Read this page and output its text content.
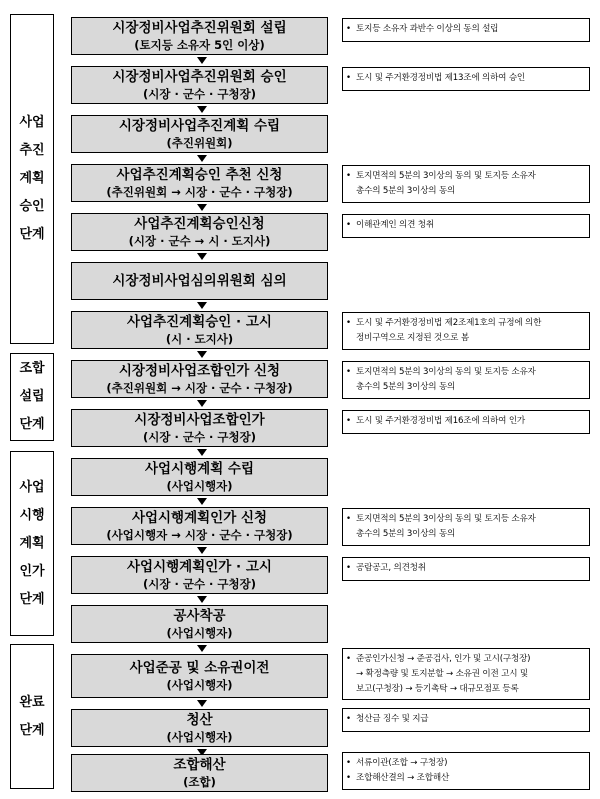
사업
추진
계획
승인
단계
조합
설립
단계
사업
시행
계획
인가
단계
완료
단계
시장정비사업추진위원회 설립
(토지등 소유자 5인 이상)
시장정비사업추진위원회 승인
(시장 · 군수 · 구청장)
시장정비사업추진계획 수립
(추진위원회)
사업추진계획승인 추천 신청
(추진위원회 → 시장 · 군수 · 구청장)
사업추진계획승인신청
(시장 · 군수 → 시 · 도지사)
시장정비사업심의위원회 심의
사업추진계획승인 · 고시
(시 · 도지사)
시장정비사업조합인가 신청
(추진위원회 → 시장 · 군수 · 구청장)
시장정비사업조합인가
(시장 · 군수 · 구청장)
사업시행계획 수립
(사업시행자)
사업시행계획인가 신청
(사업시행자 → 시장 · 군수 · 구청장)
사업시행계획인가 · 고시
(시장 · 군수 · 구청장)
공사착공
(사업시행자)
사업준공 및 소유권이전
(사업시행자)
청산
(사업시행자)
조합해산
(조합)
• 토지등 소유자 과반수 이상의 동의 설립
• 도시 및 주거환경정비법 제13조에 의하여 승인
• 토지면적의 5분의 3이상의 동의 및 토지등 소유자
총수의 5분의 3이상의 동의
• 이해관계인 의견 청취
• 도시 및 주거환경정비법 제2조제1호의 규정에 의한
정비구역으로 지정된 것으로 봄
• 토지면적의 5분의 3이상의 동의 및 토지등 소유자
총수의 5분의 3이상의 동의
• 도시 및 주거환경정비법 제16조에 의하여 인가
• 토지면적의 5분의 3이상의 동의 및 토지등 소유자
총수의 5분의 3이상의 동의
• 공람공고, 의견청취
• 준공인가신청 → 준공검사, 인가 및 고시(구청장)
→ 확정측량 및 토지분할 → 소유권 이전 고시 및
보고(구청장) → 등기촉탁 → 대규모점포 등록
• 청산금 징수 및 지급
• 서류이관(조합 → 구청장)
• 조합해산결의 → 조합해산
